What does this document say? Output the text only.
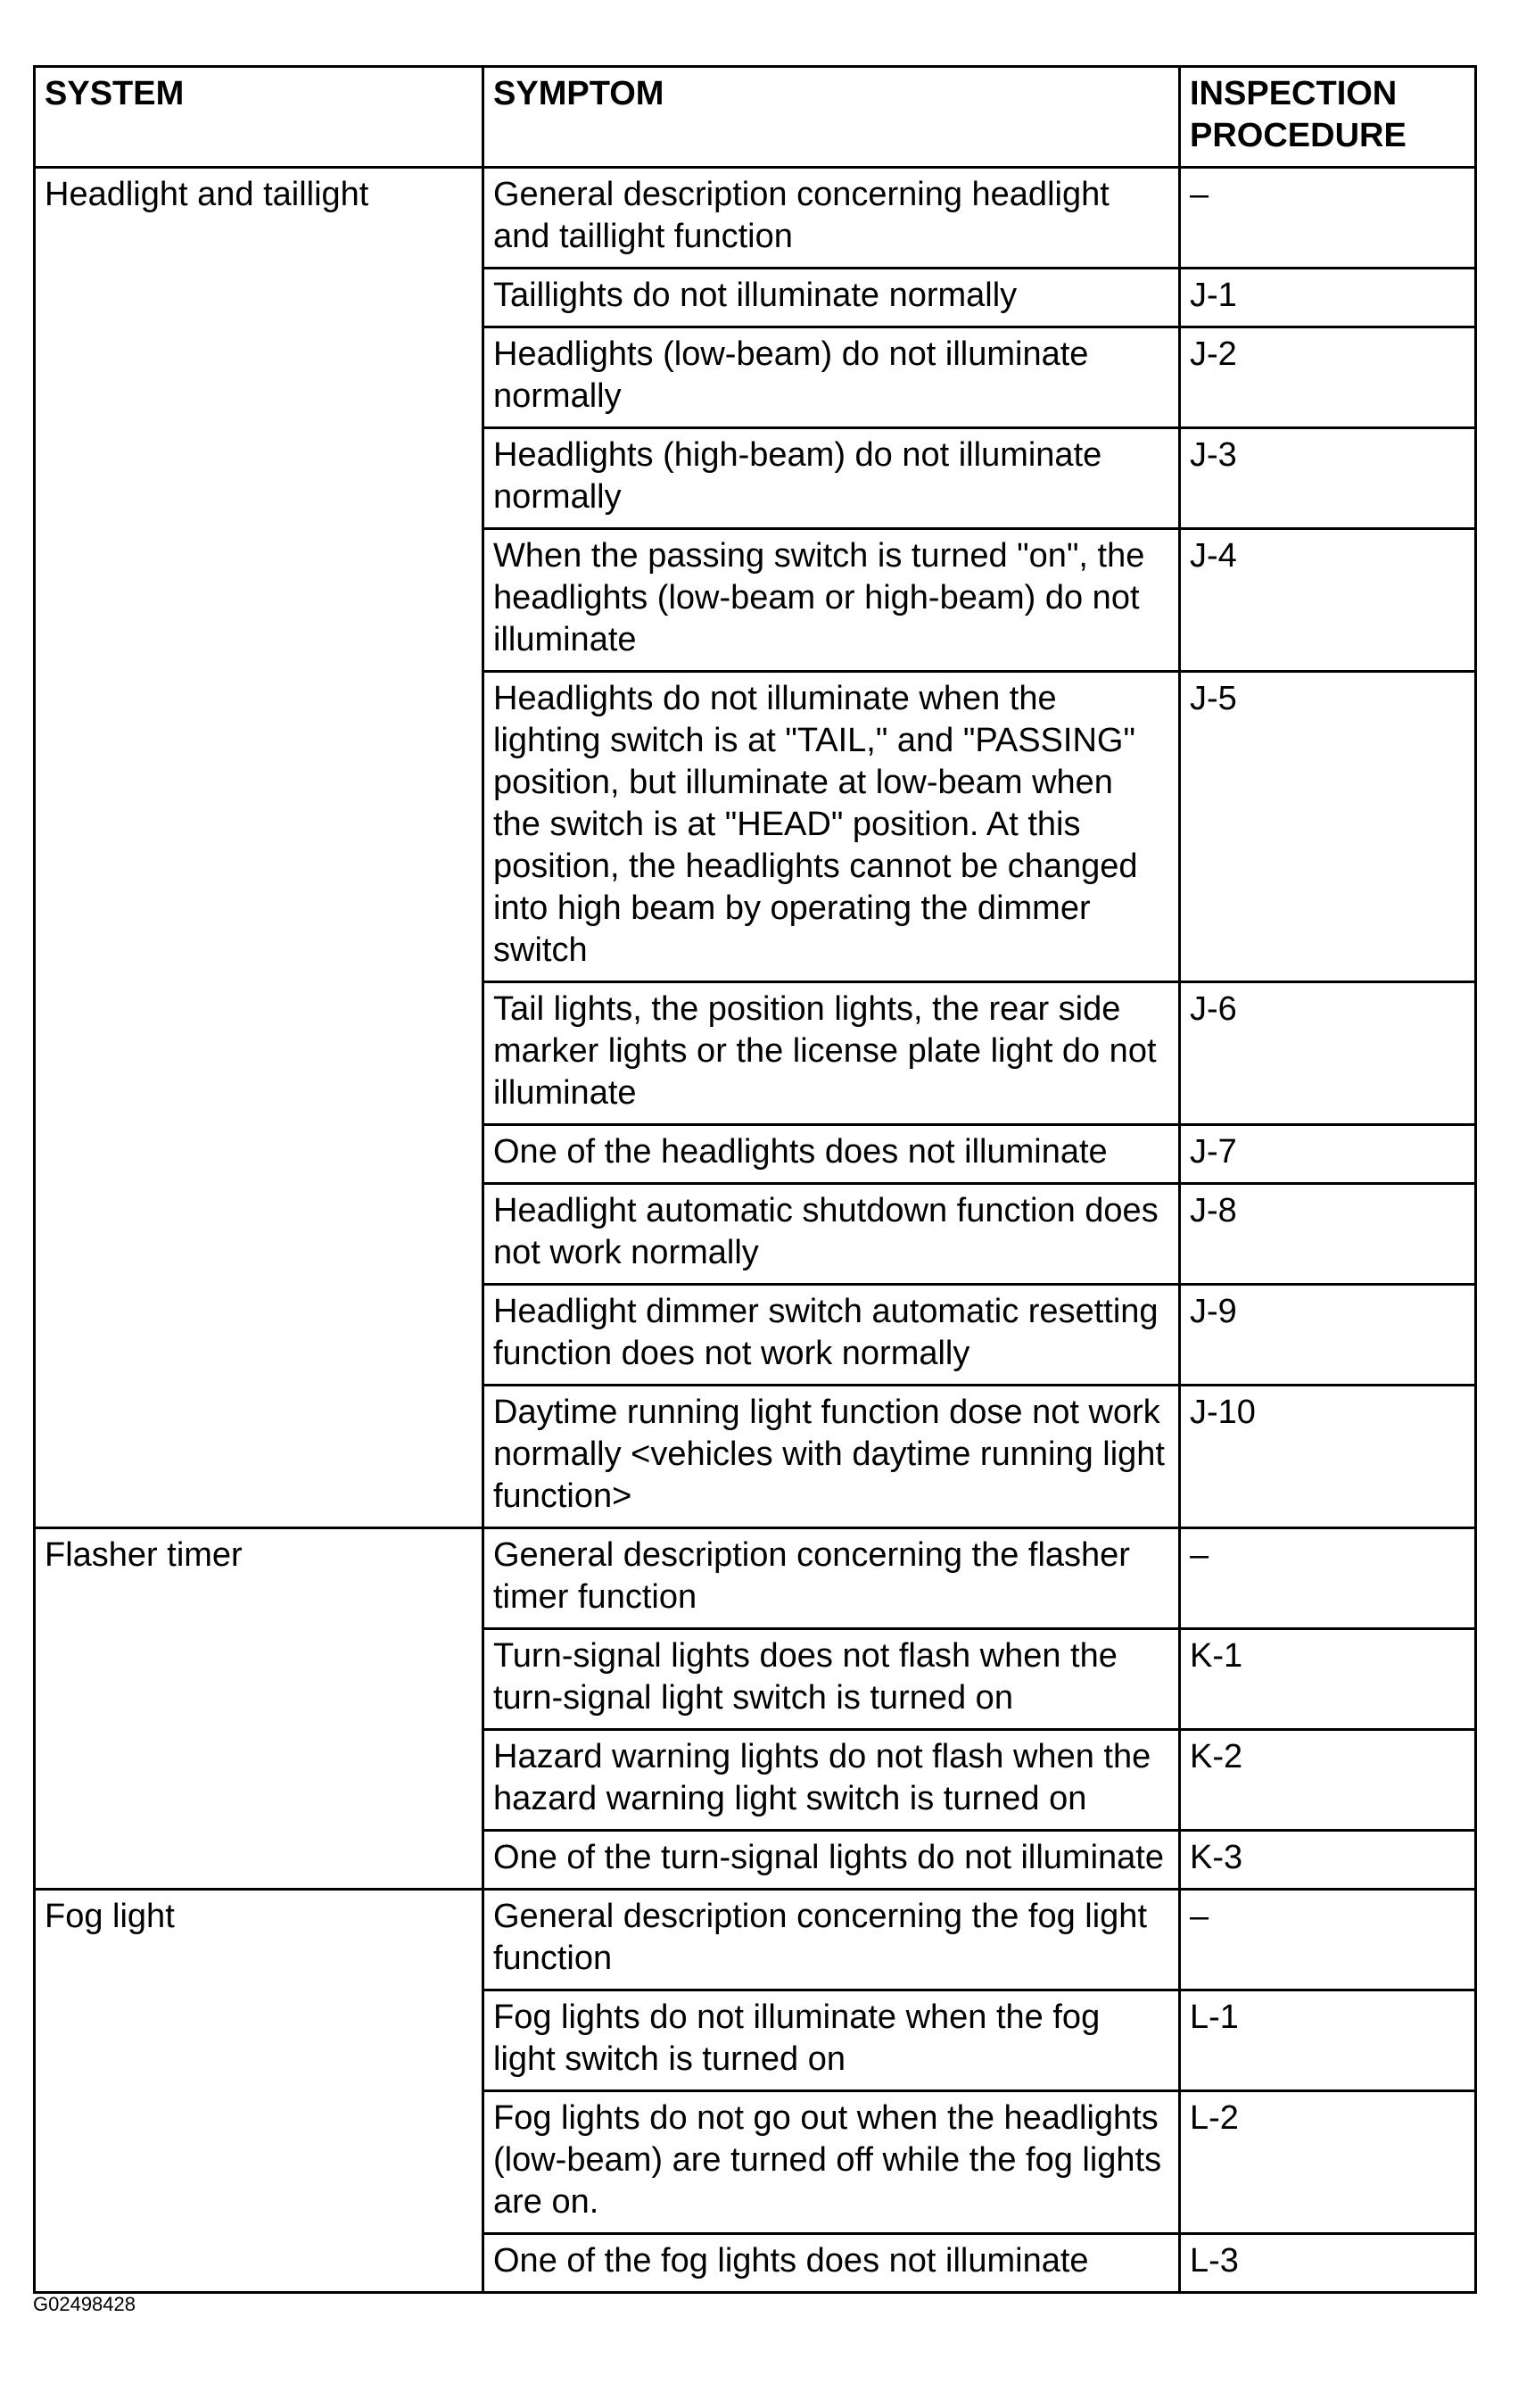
SYSTEM	SYMPTOM	INSPECTION PROCEDURE
Headlight and taillight	General description concerning headlight and taillight function	–
	Taillights do not illuminate normally	J-1
	Headlights (low-beam) do not illuminate normally	J-2
	Headlights (high-beam) do not illuminate normally	J-3
	When the passing switch is turned "on", the headlights (low-beam or high-beam) do not illuminate	J-4
	Headlights do not illuminate when the lighting switch is at "TAIL," and "PASSING" position, but illuminate at low-beam when the switch is at "HEAD" position. At this position, the headlights cannot be changed into high beam by operating the dimmer switch	J-5
	Tail lights, the position lights, the rear side marker lights or the license plate light do not illuminate	J-6
	One of the headlights does not illuminate	J-7
	Headlight automatic shutdown function does not work normally	J-8
	Headlight dimmer switch automatic resetting function does not work normally	J-9
	Daytime running light function dose not work normally <vehicles with daytime running light function>	J-10
Flasher timer	General description concerning the flasher timer function	–
	Turn-signal lights does not flash when the turn-signal light switch is turned on	K-1
	Hazard warning lights do not flash when the hazard warning light switch is turned on	K-2
	One of the turn-signal lights do not illuminate	K-3
Fog light	General description concerning the fog light function	–
	Fog lights do not illuminate when the fog light switch is turned on	L-1
	Fog lights do not go out when the headlights (low-beam) are turned off while the fog lights are on.	L-2
	One of the fog lights does not illuminate	L-3
G02498428
